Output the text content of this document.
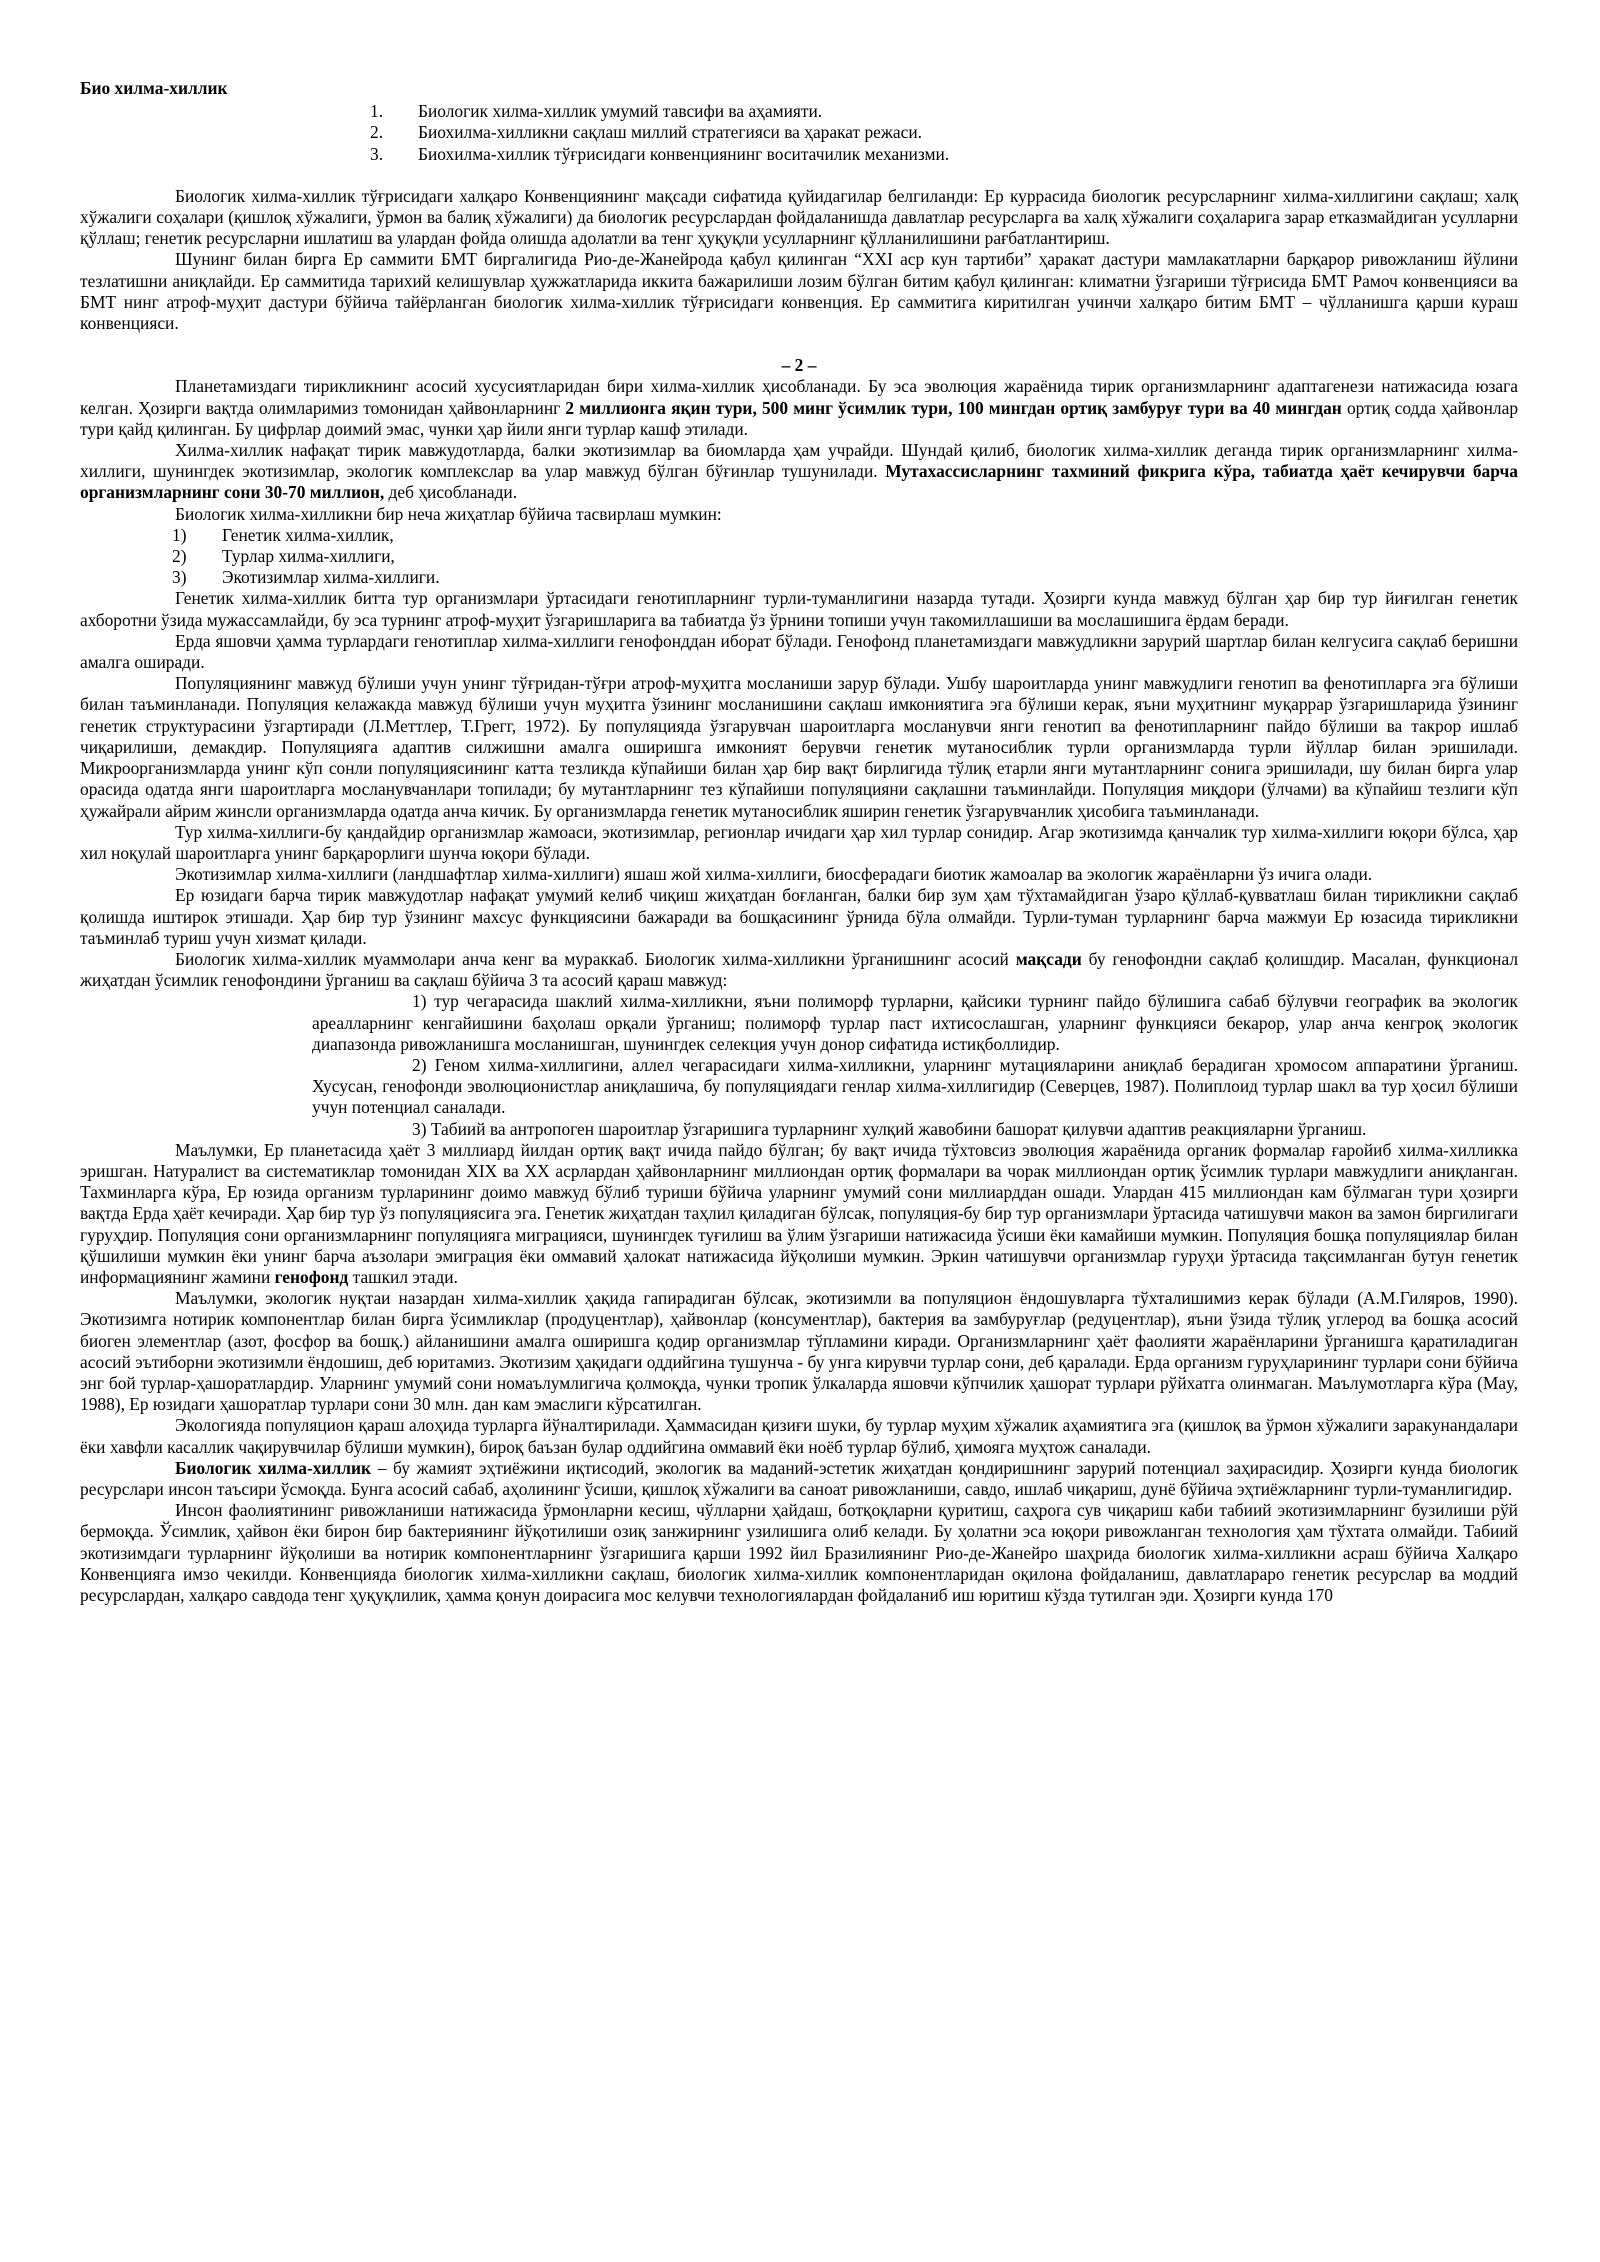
Био хилма-хиллик

1.	Биологик хилма-хиллик умумий тавсифи ва аҳамияти.
2.	Биохилма-хилликни сақлаш миллий стратегияси ва ҳаракат режаси.
3.	Биохилма-хиллик тўғрисидаги конвенциянинг воситачилик механизми.

Биологик хилма-хиллик тўғрисидаги халқаро Конвенциянинг мақсади сифатида қуйидагилар белгиланди: Ер куррасида биологик ресурсларнинг хилма-хиллигини сақлаш; халқ хўжалиги соҳалари (қишлоқ хўжалиги, ўрмон ва балиқ хўжалиги) да биологик ресурслардан фойдаланишда давлатлар ресурсларга ва халқ хўжалиги соҳаларига зарар етказмайдиган усулларни қўллаш; генетик ресурсларни ишлатиш ва улардан фойда олишда адолатли ва тенг ҳуқуқли усулларнинг қўлланилишини рағбатлантириш.

Шунинг билан бирга Ер саммити БМТ биргалигида Рио-де-Жанейрода қабул қилинган “XXI аср кун тартиби” ҳаракат дастури мамлакатларни барқарор ривожланиш йўлини тезлатишни аниқлайди. Ер саммитида тарихий келишувлар ҳужжатларида иккита бажарилиши лозим бўлган битим қабул қилинган: климатни ўзгариши тўғрисида БМТ Рамоч конвенцияси ва БМТ нинг атроф-муҳит дастури бўйича тайёрланган биологик хилма-хиллик тўғрисидаги конвенция. Ер саммитига киритилган учинчи халқаро битим БМТ – чўлланишга қарши кураш конвенцияси.

– 2 –

Планетамиздаги тирикликнинг асосий хусусиятларидан бири хилма-хиллик ҳисобланади. Бу эса эволюция жараёнида тирик организмларнинг адаптагенези натижасида юзага келган. Ҳозирги вақтда олимларимиз томонидан ҳайвонларнинг 2 миллионга яқин тури, 500 минг ўсимлик тури, 100 мингдан ортиқ замбуруғ тури ва 40 мингдан ортиқ содда ҳайвонлар тури қайд қилинган. Бу цифрлар доимий эмас, чунки ҳар йили янги турлар кашф этилади.

Хилма-хиллик нафақат тирик мавжудотларда, балки экотизимлар ва биомларда ҳам учрайди. Шундай қилиб, биологик хилма-хиллик деганда тирик организмларнинг хилма-хиллиги, шунингдек экотизимлар, экологик комплекслар ва улар мавжуд бўлган бўғинлар тушунилади. Мутахассисларнинг тахминий фикрига кўра, табиатда ҳаёт кечирувчи барча организмларнинг сони 30-70 миллион, деб ҳисобланади.

Биологик хилма-хилликни бир неча жиҳатлар бўйича тасвирлаш мумкин:

1)	Генетик хилма-хиллик,
2)	Турлар хилма-хиллиги,
3)	Экотизимлар хилма-хиллиги.

Генетик хилма-хиллик битта тур организмлари ўртасидаги генотипларнинг турли-туманлигини назарда тутади. Ҳозирги кунда мавжуд бўлган ҳар бир тур йиғилган генетик ахборотни ўзида мужассамлайди, бу эса турнинг атроф-муҳит ўзгаришларига ва табиатда ўз ўрнини топиши учун такомиллашиши ва мослашишига ёрдам беради.

Ерда яшовчи ҳамма турлардаги генотиплар хилма-хиллиги генофонддан иборат бўлади. Генофонд планетамиздаги мавжудликни зарурий шартлар билан келгусига сақлаб беришни амалга оширади.

Популяциянинг мавжуд бўлиши учун унинг тўғридан-тўғри атроф-муҳитга мосланиши зарур бўлади. Ушбу шароитларда унинг мавжудлиги генотип ва фенотипларга эга бўлиши билан таъминланади. Популяция келажакда мавжуд бўлиши учун муҳитга ўзининг мосланишини сақлаш имкониятига эга бўлиши керак, яъни муҳитнинг муқаррар ўзгаришларида ўзининг генетик структурасини ўзгартиради (Л.Меттлер, Т.Грегг, 1972). Бу популяцияда ўзгарувчан шароитларга мосланувчи янги генотип ва фенотипларнинг пайдо бўлиши ва такрор ишлаб чиқарилиши, демакдир. Популяцияга адаптив силжишни амалга оширишга имконият берувчи генетик мутаносиблик турли организмларда турли йўллар билан эришилади. Микроорганизмларда унинг кўп сонли популяциясининг катта тезликда кўпайиши билан ҳар бир вақт бирлигида тўлиқ етарли янги мутантларнинг сонига эришилади, шу билан бирга улар орасида одатда янги шароитларга мосланувчанлари топилади; бу мутантларнинг тез кўпайиши популяцияни сақлашни таъминлайди. Популяция миқдори (ўлчами) ва кўпайиш тезлиги кўп ҳужайрали айрим жинсли организмларда одатда анча кичик. Бу организмларда генетик мутаносиблик яширин генетик ўзгарувчанлик ҳисобига таъминланади.

Тур хилма-хиллиги-бу қандайдир организмлар жамоаси, экотизимлар, регионлар ичидаги ҳар хил турлар сонидир. Агар экотизимда қанчалик тур хилма-хиллиги юқори бўлса, ҳар хил ноқулай шароитларга унинг барқарорлиги шунча юқори бўлади.

Экотизимлар хилма-хиллиги (ландшафтлар хилма-хиллиги) яшаш жой хилма-хиллиги, биосферадаги биотик жамоалар ва экологик жараёнларни ўз ичига олади.

Ер юзидаги барча тирик мавжудотлар нафақат умумий келиб чиқиш жиҳатдан боғланган, балки бир зум ҳам тўхтамайдиган ўзаро қўллаб-қувватлаш билан тирикликни сақлаб қолишда иштирок этишади. Ҳар бир тур ўзининг махсус функциясини бажаради ва бошқасининг ўрнида бўла олмайди. Турли-туман турларнинг барча мажмуи Ер юзасида тирикликни таъминлаб туриш учун хизмат қилади.

Биологик хилма-хиллик муаммолари анча кенг ва мураккаб. Биологик хилма-хилликни ўрганишнинг асосий мақсади бу генофондни сақлаб қолишдир. Масалан, функционал жиҳатдан ўсимлик генофондини ўрганиш ва сақлаш бўйича 3 та асосий қараш мавжуд:

1) тур чегарасида шаклий хилма-хилликни, яъни полиморф турларни, қайсики турнинг пайдо бўлишига сабаб бўлувчи географик ва экологик ареалларнинг кенгайишини баҳолаш орқали ўрганиш; полиморф турлар паст ихтисослашган, уларнинг функцияси бекарор, улар анча кенгроқ экологик диапазонда ривожланишга мосланишган, шунингдек селекция учун донор сифатида истиқболлидир.

2) Геном хилма-хиллигини, аллел чегарасидаги хилма-хилликни, уларнинг мутацияларини аниқлаб берадиган хромосом аппаратини ўрганиш. Хусусан, генофонди эволюционистлар аниқлашича, бу популяциядаги генлар хилма-хиллигидир (Северцев, 1987). Полиплоид турлар шакл ва тур ҳосил бўлиши учун потенциал саналади.

3) Табиий ва антропоген шароитлар ўзгаришига турларнинг хулқий жавобини башорат қилувчи адаптив реакцияларни ўрганиш.

Маълумки, Ер планетасида ҳаёт 3 миллиард йилдан ортиқ вақт ичида пайдо бўлган; бу вақт ичида тўхтовсиз эволюция жараёнида органик формалар ғаройиб хилма-хилликка эришган. Натуралист ва систематиклар томонидан XIX ва XX асрлардан ҳайвонларнинг миллиондан ортиқ формалари ва чорак миллиондан ортиқ ўсимлик турлари мавжудлиги аниқланган. Тахминларга кўра, Ер юзида организм турларининг доимо мавжуд бўлиб туриши бўйича уларнинг умумий сони миллиарддан ошади. Улардан 415 миллиондан кам бўлмаган тури ҳозирги вақтда Ерда ҳаёт кечиради. Ҳар бир тур ўз популяциясига эга. Генетик жиҳатдан таҳлил қиладиган бўлсак, популяция-бу бир тур организмлари ўртасида чатишувчи макон ва замон биргилигаги гуруҳдир. Популяция сони организмларнинг популяцияга миграцияси, шунингдек туғилиш ва ўлим ўзгариши натижасида ўсиши ёки камайиши мумкин. Популяция бошқа популяциялар билан қўшилиши мумкин ёки унинг барча аъзолари эмиграция ёки оммавий ҳалокат натижасида йўқолиши мумкин. Эркин чатишувчи организмлар гуруҳи ўртасида тақсимланган бутун генетик информациянинг жамини генофонд ташкил этади.

Маълумки, экологик нуқтаи назардан хилма-хиллик ҳақида гапирадиган бўлсак, экотизимли ва популяцион ёндошувларга тўхталишимиз керак бўлади (А.М.Гиляров, 1990). Экотизимга нотирик компонентлар билан бирга ўсимликлар (продуцентлар), ҳайвонлар (консументлар), бактерия ва замбуруғлар (редуцентлар), яъни ўзида тўлиқ углерод ва бошқа асосий биоген элементлар (азот, фосфор ва бошқ.) айланишини амалга оширишга қодир организмлар тўпламини киради. Организмларнинг ҳаёт фаолияти жараёнларини ўрганишга қаратиладиган асосий эътиборни экотизимли ёндошиш, деб юритамиз. Экотизим ҳақидаги оддийгина тушунча - бу унга кирувчи турлар сони, деб қаралади. Ерда организм гуруҳларининг турлари сони бўйича энг бой турлар-ҳашоратлардир. Уларнинг умумий сони номаълумлигича қолмоқда, чунки тропик ўлкаларда яшовчи кўпчилик ҳашорат турлари рўйхатга олинмаган. Маълумотларга кўра (May, 1988), Ер юзидаги ҳашоратлар турлари сони 30 млн. дан кам эмаслиги кўрсатилган.

Экологияда популяцион қараш алоҳида турларга йўналтирилади. Ҳаммасидан қизиғи шуки, бу турлар муҳим хўжалик аҳамиятига эга (қишлоқ ва ўрмон хўжалиги заракунандалари ёки хавфли касаллик чақирувчилар бўлиши мумкин), бироқ баъзан булар оддийгина оммавий ёки ноёб турлар бўлиб, ҳимояга муҳтож саналади.

Биологик хилма-хиллик – бу жамият эҳтиёжини иқтисодий, экологик ва маданий-эстетик жиҳатдан қондиришнинг зарурий потенциал заҳирасидир. Ҳозирги кунда биологик ресурслари инсон таъсири ўсмоқда. Бунга асосий сабаб, аҳолининг ўсиши, қишлоқ хўжалиги ва саноат ривожланиши, савдо, ишлаб чиқариш, дунё бўйича эҳтиёжларнинг турли-туманлигидир.

Инсон фаолиятининг ривожланиши натижасида ўрмонларни кесиш, чўлларни ҳайдаш, ботқоқларни қуритиш, саҳрога сув чиқариш каби табиий экотизимларнинг бузилиши рўй бермоқда. Ўсимлик, ҳайвон ёки бирон бир бактериянинг йўқотилиши озиқ занжирнинг узилишига олиб келади. Бу ҳолатни эса юқори ривожланган технология ҳам тўхтата олмайди. Табиий экотизимдаги турларнинг йўқолиши ва нотирик компонентларнинг ўзгаришига қарши 1992 йил Бразилиянинг Рио-де-Жанейро шаҳрида биологик хилма-хилликни асраш бўйича Халқаро Конвенцияга имзо чекилди. Конвенцияда биологик хилма-хилликни сақлаш, биологик хилма-хиллик компонентларидан оқилона фойдаланиш, давлатлараро генетик ресурслар ва моддий ресурслардан, халқаро савдода тенг ҳуқуқлилик, ҳамма қонун доирасига мос келувчи технологиялардан фойдаланиб иш юритиш кўзда тутилган эди. Ҳозирги кунда 170
